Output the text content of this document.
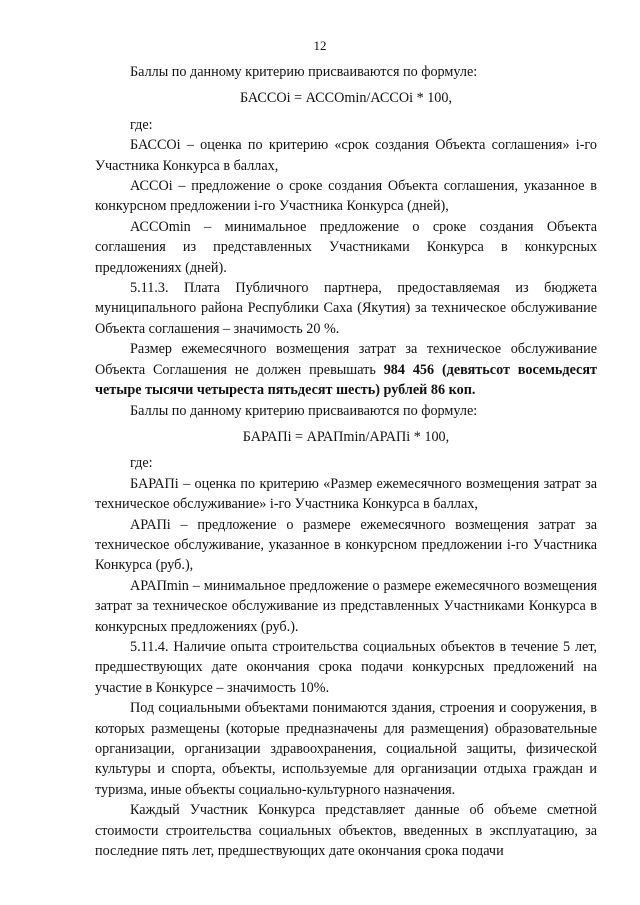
12

Баллы по данному критерию присваиваются по формуле:

БАССОi = АССОmin/АССОi * 100,

где:

БАССОi – оценка по критерию «срок создания Объекта соглашения» i-го Участника Конкурса в баллах,

АССОi – предложение о сроке создания Объекта соглашения, указанное в конкурсном предложении i-го Участника Конкурса (дней),

АССОmin – минимальное предложение о сроке создания Объекта соглашения из представленных Участниками Конкурса в конкурсных предложениях (дней).

5.11.3. Плата Публичного партнера, предоставляемая из бюджета муниципального района Республики Саха (Якутия) за техническое обслуживание Объекта соглашения – значимость 20 %.

Размер ежемесячного возмещения затрат за техническое обслуживание Объекта Соглашения не должен превышать 984 456 (девятьсот восемьдесят четыре тысячи четыреста пятьдесят шесть) рублей 86 коп.

Баллы по данному критерию присваиваются по формуле:

БАРАПi = АРАПmin/АРАПi * 100,

где:

БАРАПi – оценка по критерию «Размер ежемесячного возмещения затрат за техническое обслуживание» i-го Участника Конкурса в баллах,

АРАПi – предложение о размере ежемесячного возмещения затрат за техническое обслуживание, указанное в конкурсном предложении i-го Участника Конкурса (руб.),

АРАПmin – минимальное предложение о размере ежемесячного возмещения затрат за техническое обслуживание из представленных Участниками Конкурса в конкурсных предложениях (руб.).

5.11.4. Наличие опыта строительства социальных объектов в течение 5 лет, предшествующих дате окончания срока подачи конкурсных предложений на участие в Конкурсе – значимость 10%.

Под социальными объектами понимаются здания, строения и сооружения, в которых размещены (которые предназначены для размещения) образовательные организации, организации здравоохранения, социальной защиты, физической культуры и спорта, объекты, используемые для организации отдыха граждан и туризма, иные объекты социально-культурного назначения.

Каждый Участник Конкурса представляет данные об объеме сметной стоимости строительства социальных объектов, введенных в эксплуатацию, за последние пять лет, предшествующих дате окончания срока подачи
